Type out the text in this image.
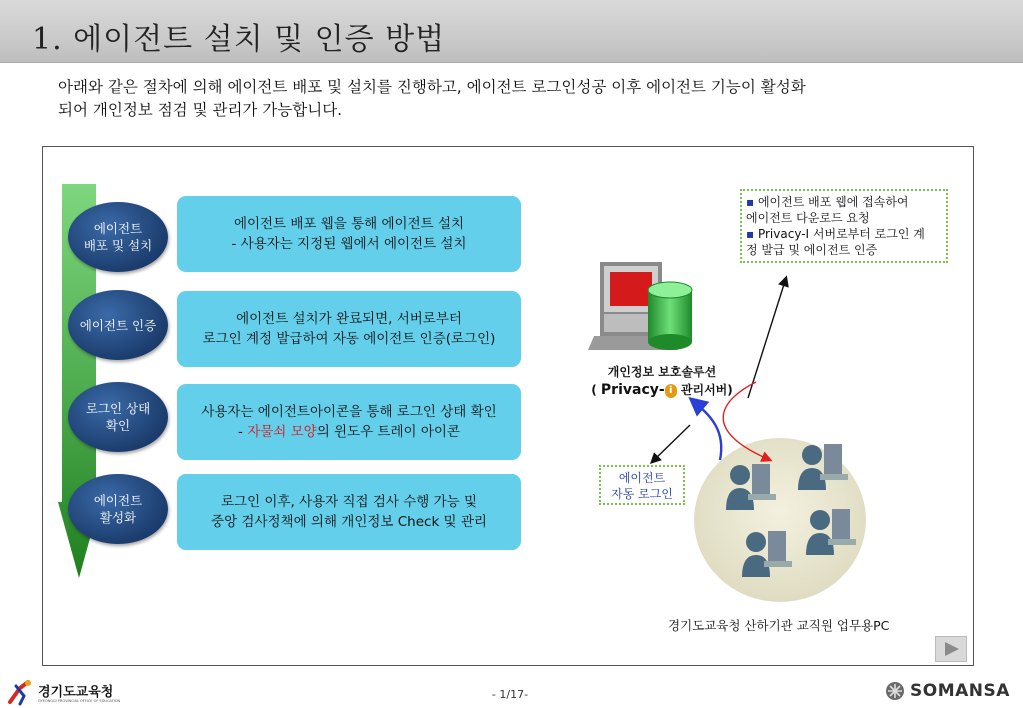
1. 에이전트 설치 및 인증 방법
아래와 같은 절차에 의해 에이전트 배포 및 설치를 진행하고, 에이전트 로그인성공 이후 에이전트 기능이 활성화
되어 개인정보 점검 및 관리가 가능합니다.
에이전트
배포 및 설치
에이전트 배포 웹을 통해 에이전트 설치
- 사용자는 지정된 웹에서 에이전트 설치
에이전트 인증	에이전트 설치가 완료되면, 서버로부터
로그인 계정 발급하여 자동 에이전트 인증(로그인)
로그인 상태
확인
사용자는 에이전트아이콘을 통해 로그인 상태 확인
- 자물쇠 모양의 윈도우 트레이 아이콘
에이전트
활성화
로그인 이후, 사용자 직접 검사 수행 가능 및
중앙 검사정책에 의해 개인정보 Check 및 관리
▪ 에이전트 배포 웹에 접속하여
에이전트 다운로드 요청
▪ Privacy-I 서버로부터 로그인 계
정 발급 및 에이전트 인증
에이전트
자동 로그인
개인정보 보호솔루션
( Privacy- i 관리서버)
경기도교육청 산하기관 교직원 업무용PC
경기도교육청
GYEONGGI PROVINCIAL OFFICE OF EDUCATION	- 1/17-	SOMANSA
